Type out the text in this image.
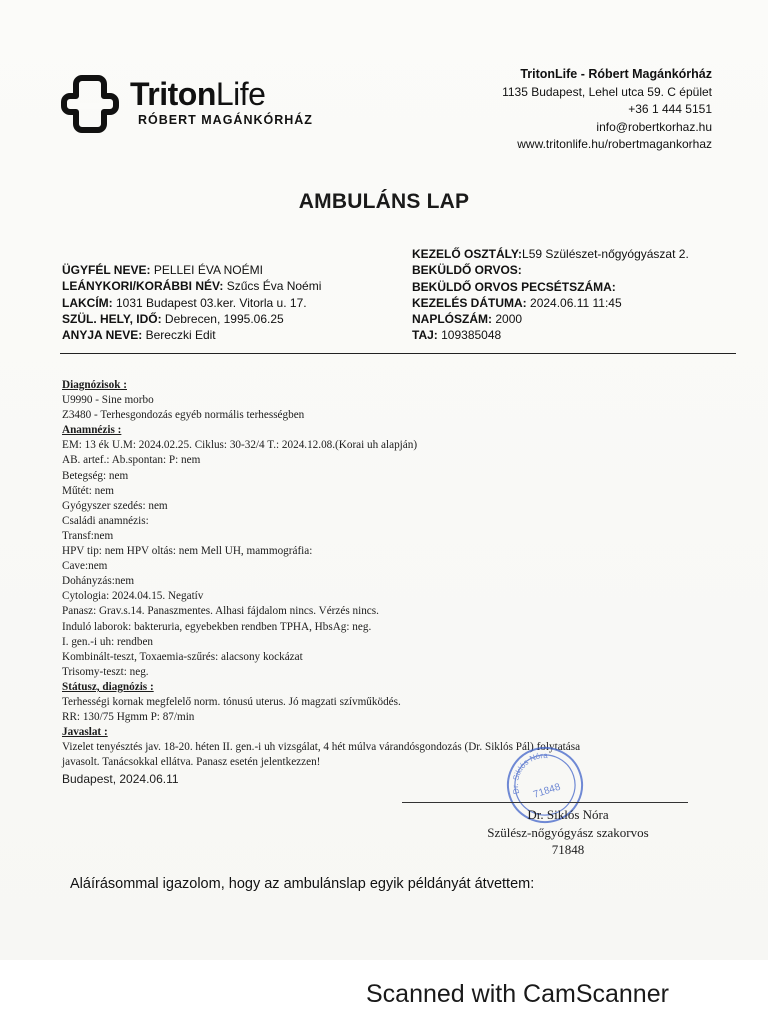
TritonLife
RÓBERT MAGÁNKÓRHÁZ
TritonLife - Róbert Magánkórház
1135 Budapest, Lehel utca 59. C épület
+36 1 444 5151
info@robertkorhaz.hu
www.tritonlife.hu/robertmagankorhaz
AMBULÁNS LAP
ÜGYFÉL NEVE: PELLEI ÉVA NOÉMI
LEÁNYKORI/KORÁBBI NÉV: Szűcs Éva Noémi
LAKCÍM: 1031 Budapest 03.ker. Vitorla u. 17.
SZÜL. HELY, IDŐ: Debrecen, 1995.06.25
ANYJA NEVE: Bereczki Edit
KEZELŐ OSZTÁLY:L59 Szülészet-nőgyógyászat 2.
BEKÜLDŐ ORVOS:
BEKÜLDŐ ORVOS PECSÉTSZÁMA:
KEZELÉS DÁTUMA: 2024.06.11 11:45
NAPLÓSZÁM: 2000
TAJ: 109385048
Diagnózisok :
U9990 - Sine morbo
Z3480 - Terhesgondozás egyéb normális terhességben
Anamnézis :
EM: 13 ék U.M: 2024.02.25. Ciklus: 30-32/4 T.: 2024.12.08.(Korai uh alapján)
AB. artef.: Ab.spontan: P: nem
Betegség: nem
Műtét: nem
Gyógyszer szedés: nem
Családi anamnézis:
Transf:nem
HPV tip: nem HPV oltás: nem Mell UH, mammográfia:
Cave:nem
Dohányzás:nem
Cytologia: 2024.04.15. Negatív
Panasz: Grav.s.14. Panaszmentes. Alhasi fájdalom nincs. Vérzés nincs.
Induló laborok: bakteruria, egyebekben rendben TPHA, HbsAg: neg.
I. gen.-i uh: rendben
Kombinált-teszt, Toxaemia-szűrés: alacsony kockázat
Trisomy-teszt: neg.
Státusz, diagnózis :
Terhességi kornak megfelelő norm. tónusú uterus. Jó magzati szívműködés.
RR: 130/75 Hgmm P: 87/min
Javaslat :
Vizelet tenyésztés jav. 18-20. héten II. gen.-i uh vizsgálat, 4 hét múlva várandósgondozás (Dr. Siklós Pál) folytatása
javasolt. Tanácsokkal ellátva. Panasz esetén jelentkezzen!
Budapest, 2024.06.11
Dr. Siklós Nóra
71848
Dr. Siklós Nóra
Szülész-nőgyógyász szakorvos
71848
Aláírásommal igazolom, hogy az ambulánslap egyik példányát átvettem:
Scanned with CamScanner
